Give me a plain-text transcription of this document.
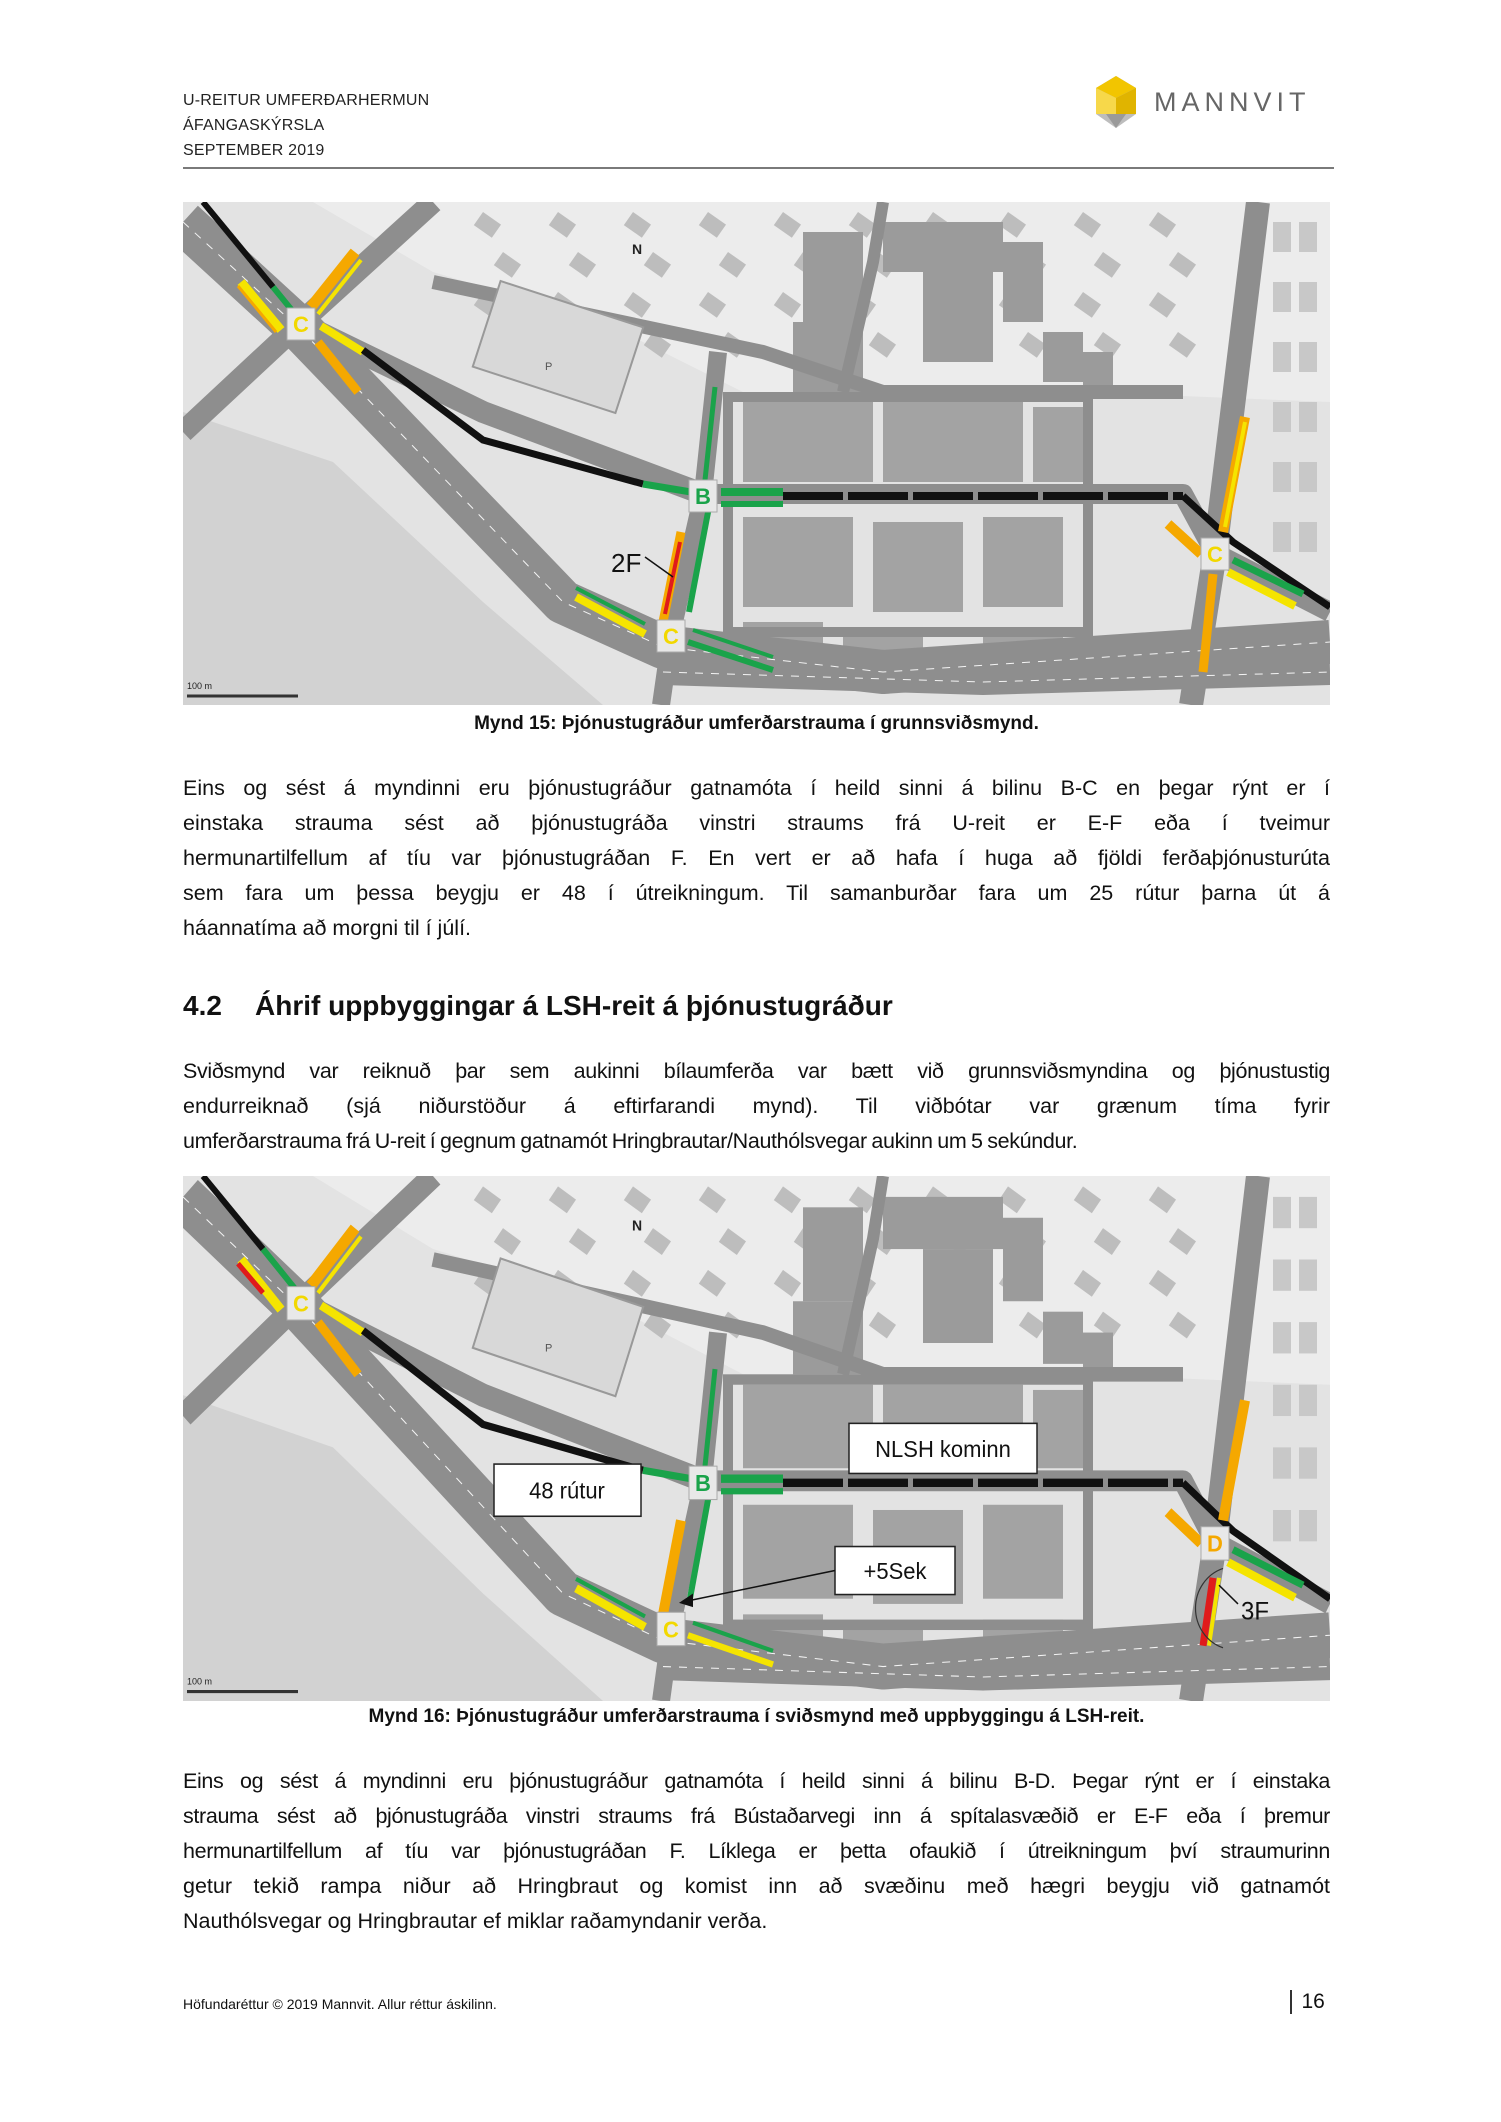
U-REITUR UMFERÐARHERMUN
ÁFANGASKÝRSLA
SEPTEMBER 2019
MANNVIT
C
B
C
C
2F
N
P
100 m
Mynd 15: Þjónustugráður umferðarstrauma í grunnsviðsmynd.
Eins og sést á myndinni eru þjónustugráður gatnamóta í heild sinni á bilinu B-C en þegar rýnt er í
einstaka strauma sést að þjónustugráða vinstri straums frá U-reit er E-F eða í tveimur
hermunartilfellum af tíu var þjónustugráðan F. En vert er að hafa í huga að fjöldi ferðaþjónusturúta
sem fara um þessa beygju er 48 í útreikningum. Til samanburðar fara um 25 rútur þarna út á
háannatíma að morgni til í júlí.
4.2 Áhrif uppbyggingar á LSH-reit á þjónustugráður
Sviðsmynd var reiknuð þar sem aukinni bílaumferða var bætt við grunnsviðsmyndina og þjónustustig
endurreiknað (sjá niðurstöður á eftirfarandi mynd). Til viðbótar var grænum tíma fyrir
umferðarstrauma frá U-reit í gegnum gatnamót Hringbrautar/Nauthólsvegar aukinn um 5 sekúndur.
C
B
C
D
48 rútur
NLSH kominn
+5Sek
3F
N
P
100 m
Mynd 16: Þjónustugráður umferðarstrauma í sviðsmynd með uppbyggingu á LSH-reit.
Eins og sést á myndinni eru þjónustugráður gatnamóta í heild sinni á bilinu B-D. Þegar rýnt er í einstaka
strauma sést að þjónustugráða vinstri straums frá Bústaðarvegi inn á spítalasvæðið er E-F eða í þremur
hermunartilfellum af tíu var þjónustugráðan F. Líklega er þetta ofaukið í útreikningum því straumurinn
getur tekið rampa niður að Hringbraut og komist inn að svæðinu með hægri beygju við gatnamót
Nauthólsvegar og Hringbrautar ef miklar raðamyndanir verða.
Höfundaréttur © 2019 Mannvit. Allur réttur áskilinn.	16
